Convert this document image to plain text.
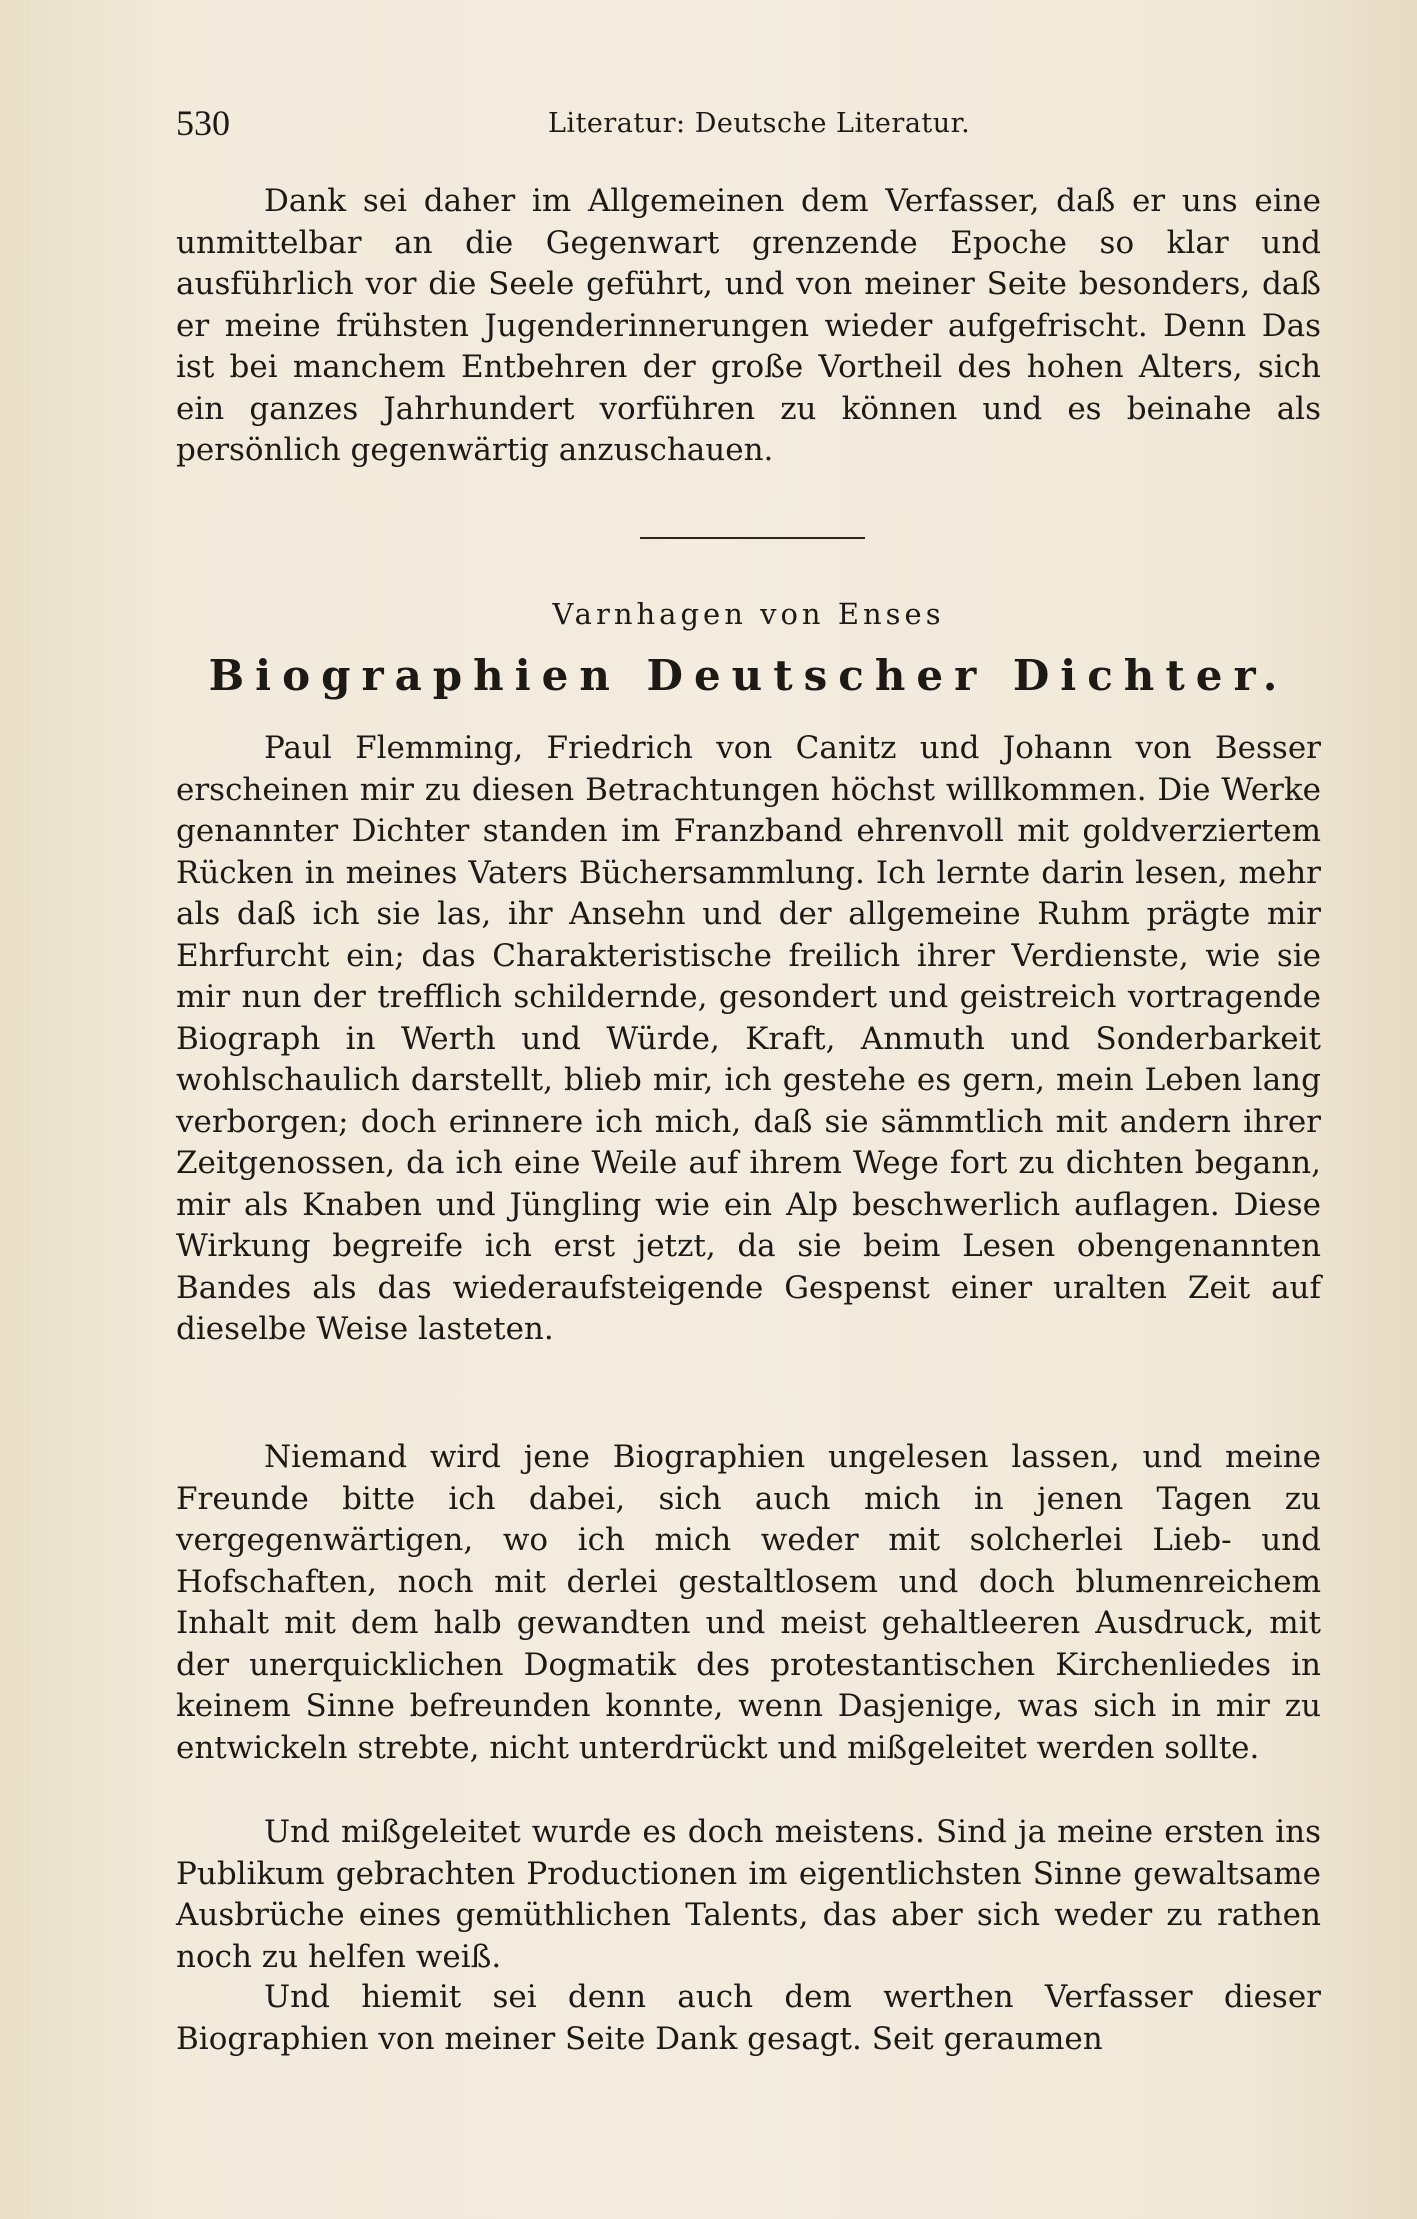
530	Literatur: Deutsche Literatur.

Dank sei daher im Allgemeinen dem Verfasser, daß er uns eine unmittelbar an die Gegenwart grenzende Epoche so klar und ausführlich vor die Seele geführt, und von meiner Seite besonders, daß er meine frühsten Jugenderinnerungen wieder aufgefrischt. Denn Das ist bei manchem Entbehren der große Vortheil des hohen Alters, sich ein ganzes Jahrhundert vorführen zu können und es beinahe als persönlich gegenwärtig anzuschauen.

Varnhagen von Enses
Biographien Deutscher Dichter.

Paul Flemming, Friedrich von Canitz und Johann von Besser erscheinen mir zu diesen Betrachtungen höchst willkommen. Die Werke genannter Dichter standen im Franzband ehrenvoll mit goldverziertem Rücken in meines Vaters Büchersammlung. Ich lernte darin lesen, mehr als daß ich sie las, ihr Ansehn und der allgemeine Ruhm prägte mir Ehrfurcht ein; das Charakteristische freilich ihrer Verdienste, wie sie mir nun der trefflich schildernde, gesondert und geistreich vortragende Biograph in Werth und Würde, Kraft, Anmuth und Sonderbarkeit wohlschaulich darstellt, blieb mir, ich gestehe es gern, mein Leben lang verborgen; doch erinnere ich mich, daß sie sämmtlich mit andern ihrer Zeitgenossen, da ich eine Weile auf ihrem Wege fort zu dichten begann, mir als Knaben und Jüngling wie ein Alp beschwerlich auflagen. Diese Wirkung begreife ich erst jetzt, da sie beim Lesen obengenannten Bandes als das wiederaufsteigende Gespenst einer uralten Zeit auf dieselbe Weise lasteten.

Niemand wird jene Biographien ungelesen lassen, und meine Freunde bitte ich dabei, sich auch mich in jenen Tagen zu vergegenwärtigen, wo ich mich weder mit solcherlei Lieb- und Hofschaften, noch mit derlei gestaltlosem und doch blumenreichem Inhalt mit dem halb gewandten und meist gehaltleeren Ausdruck, mit der unerquicklichen Dogmatik des protestantischen Kirchenliedes in keinem Sinne befreunden konnte, wenn Dasjenige, was sich in mir zu entwickeln strebte, nicht unterdrückt und mißgeleitet werden sollte.

Und mißgeleitet wurde es doch meistens. Sind ja meine ersten ins Publikum gebrachten Productionen im eigentlichsten Sinne gewaltsame Ausbrüche eines gemüthlichen Talents, das aber sich weder zu rathen noch zu helfen weiß.

Und hiemit sei denn auch dem werthen Verfasser dieser Biographien von meiner Seite Dank gesagt. Seit geraumen
